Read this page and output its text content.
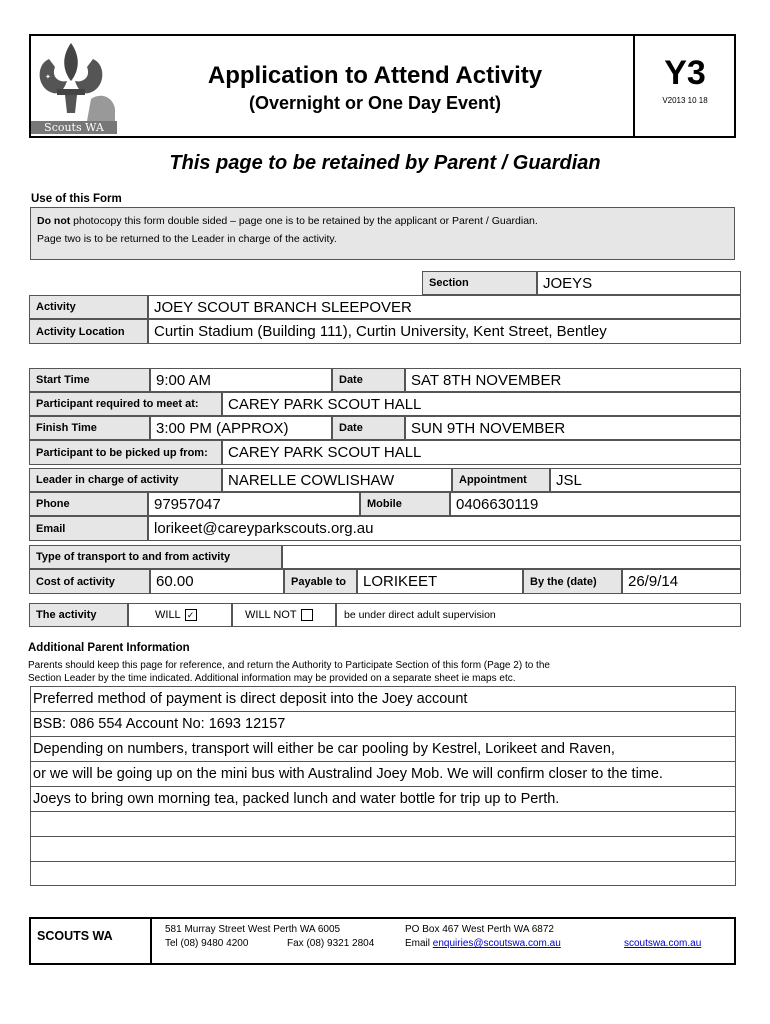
✦
✦
Scouts WA
Application to Attend Activity
(Overnight or One Day Event)
Y3
V2013 10 18
This page to be retained by Parent / Guardian
Use of this Form
Do not photocopy this form double sided – page one is to be retained by the applicant or Parent / Guardian.
Page two is to be returned to the Leader in charge of the activity.
Section	JOEYS
Activity	JOEY SCOUT BRANCH SLEEPOVER
Activity Location	Curtin Stadium (Building 111), Curtin University, Kent Street, Bentley
Start Time	9:00 AM	Date	SAT 8TH NOVEMBER
Participant required to meet at:	CAREY PARK SCOUT HALL
Finish Time	3:00 PM (APPROX)	Date	SUN 9TH NOVEMBER
Participant to be picked up from:	CAREY PARK SCOUT HALL
Leader in charge of activity	NARELLE COWLISHAW	Appointment	JSL
Phone	97957047	Mobile	0406630119
Email	lorikeet@careyparkscouts.org.au
Type of transport to and from activity
Cost of activity	60.00	Payable to	LORIKEET	By the (date)	26/9/14
The activity	WILL ✓	WILL NOT	be under direct adult supervision
Additional Parent Information
Parents should keep this page for reference, and return the Authority to Participate Section of this form (Page 2) to the
Section Leader by the time indicated. Additional information may be provided on a separate sheet ie maps etc.
Preferred method of payment is direct deposit into the Joey account
BSB: 086 554 Account No: 1693 12157
Depending on numbers, transport will either be car pooling by Kestrel, Lorikeet and Raven,
or we will be going up on the mini bus with Australind Joey Mob. We will confirm closer to the time.
Joeys to bring own morning tea, packed lunch and water bottle for trip up to Perth.
SCOUTS WA	581 Murray Street West Perth WA 6005
Tel (08) 9480 4200	Fax (08) 9321 2804
PO Box 467 West Perth WA 6872
Email enquiries@scoutswa.com.au	scoutswa.com.au
